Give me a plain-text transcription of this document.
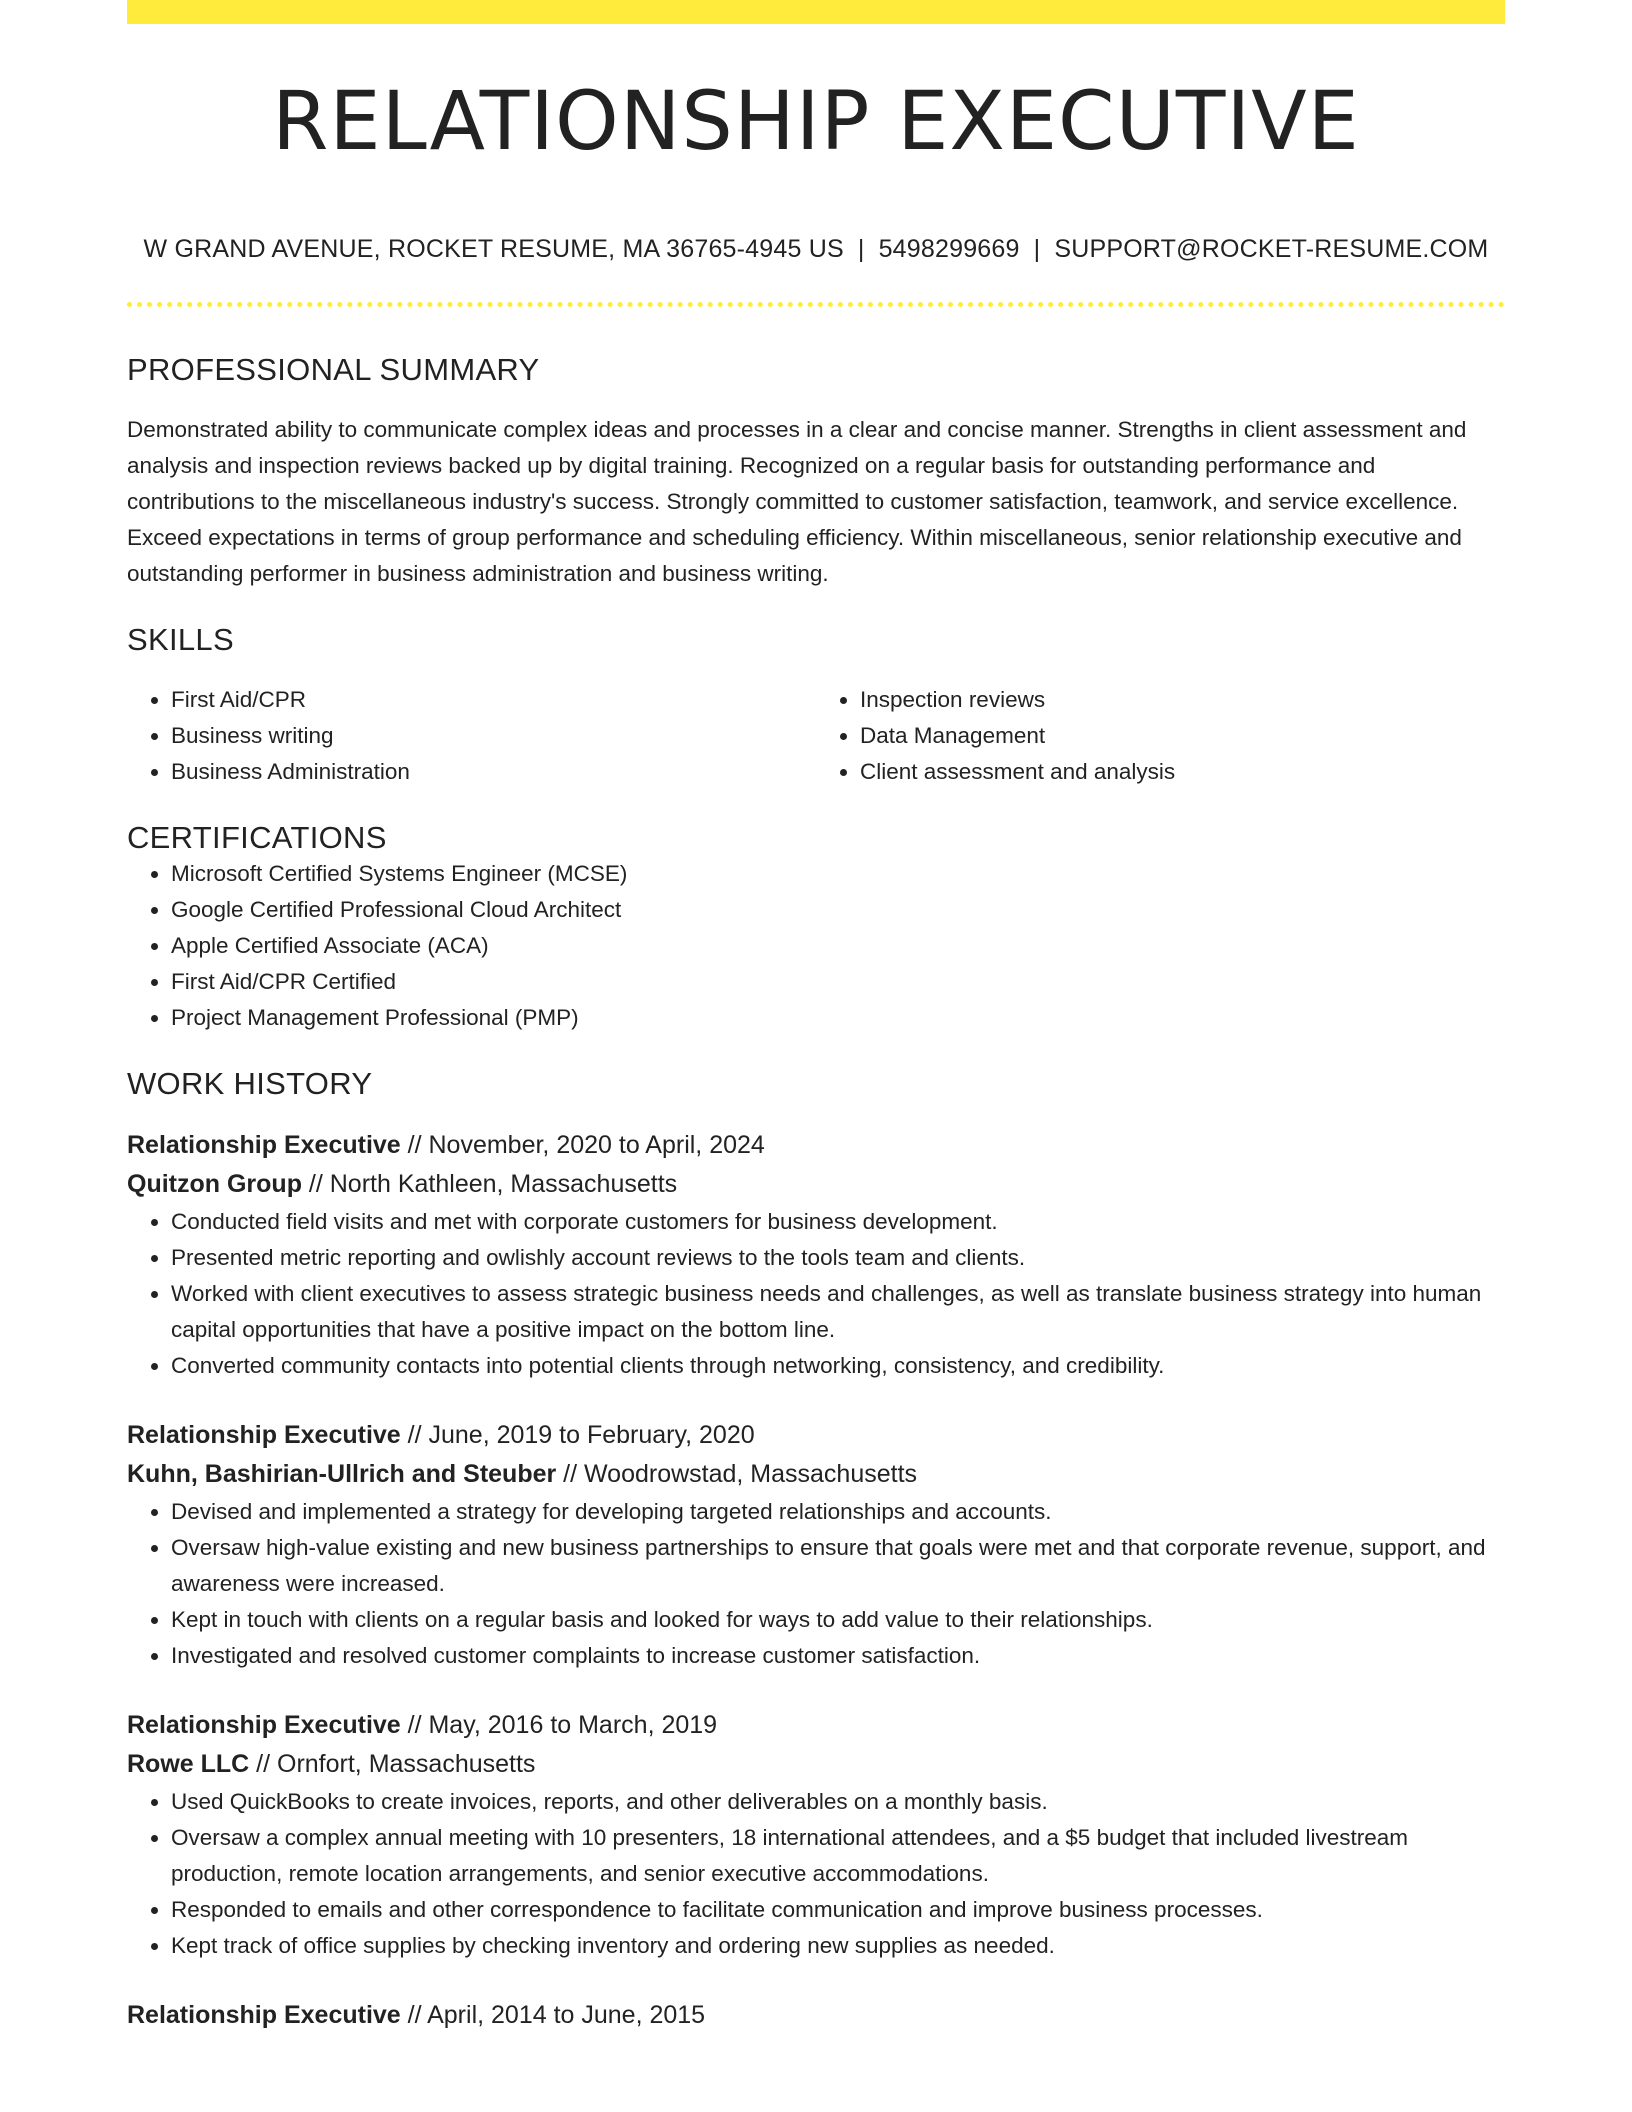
RELATIONSHIP EXECUTIVE
W GRAND AVENUE, ROCKET RESUME, MA 36765-4945 US | 5498299669 | SUPPORT@ROCKET-RESUME.COM
PROFESSIONAL SUMMARY
Demonstrated ability to communicate complex ideas and processes in a clear and concise manner. Strengths in client assessment and analysis and inspection reviews backed up by digital training. Recognized on a regular basis for outstanding performance and contributions to the miscellaneous industry's success. Strongly committed to customer satisfaction, teamwork, and service excellence. Exceed expectations in terms of group performance and scheduling efficiency. Within miscellaneous, senior relationship executive and outstanding performer in business administration and business writing.
SKILLS
• First Aid/CPR
• Business writing
• Business Administration
• Inspection reviews
• Data Management
• Client assessment and analysis
CERTIFICATIONS
• Microsoft Certified Systems Engineer (MCSE)
• Google Certified Professional Cloud Architect
• Apple Certified Associate (ACA)
• First Aid/CPR Certified
• Project Management Professional (PMP)
WORK HISTORY
Relationship Executive // November, 2020 to April, 2024
Quitzon Group // North Kathleen, Massachusetts
• Conducted field visits and met with corporate customers for business development.
• Presented metric reporting and owlishly account reviews to the tools team and clients.
• Worked with client executives to assess strategic business needs and challenges, as well as translate business strategy into human capital opportunities that have a positive impact on the bottom line.
• Converted community contacts into potential clients through networking, consistency, and credibility.
Relationship Executive // June, 2019 to February, 2020
Kuhn, Bashirian-Ullrich and Steuber // Woodrowstad, Massachusetts
• Devised and implemented a strategy for developing targeted relationships and accounts.
• Oversaw high-value existing and new business partnerships to ensure that goals were met and that corporate revenue, support, and awareness were increased.
• Kept in touch with clients on a regular basis and looked for ways to add value to their relationships.
• Investigated and resolved customer complaints to increase customer satisfaction.
Relationship Executive // May, 2016 to March, 2019
Rowe LLC // Ornfort, Massachusetts
• Used QuickBooks to create invoices, reports, and other deliverables on a monthly basis.
• Oversaw a complex annual meeting with 10 presenters, 18 international attendees, and a $5 budget that included livestream production, remote location arrangements, and senior executive accommodations.
• Responded to emails and other correspondence to facilitate communication and improve business processes.
• Kept track of office supplies by checking inventory and ordering new supplies as needed.
Relationship Executive // April, 2014 to June, 2015
